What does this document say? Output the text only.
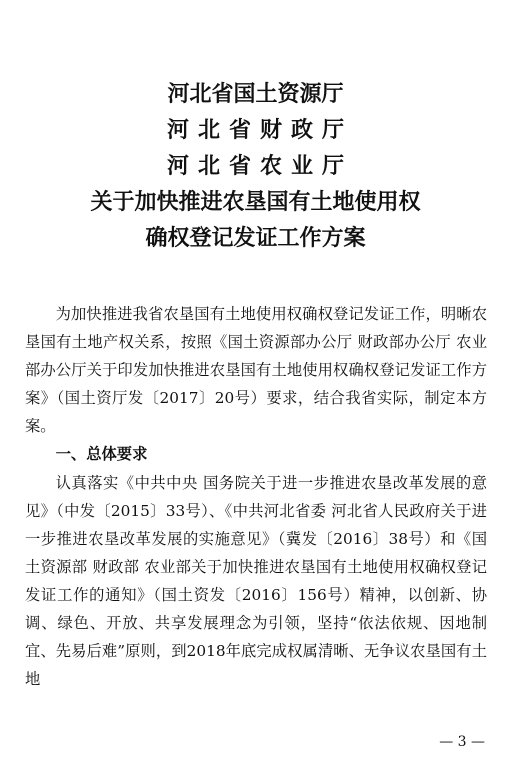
河北省国土资源厅
河北省财政厅
河北省农业厅
关于加快推进农垦国有土地使用权
确权登记发证工作方案

为加快推进我省农垦国有土地使用权确权登记发证工作，明晰农垦国有土地产权关系，按照《国土资源部办公厅 财政部办公厅 农业部办公厅关于印发加快推进农垦国有土地使用权确权登记发证工作方案》（国土资厅发〔2017〕20号）要求，结合我省实际，制定本方案。

一、总体要求

认真落实《中共中央 国务院关于进一步推进农垦改革发展的意见》（中发〔2015〕33号）、《中共河北省委 河北省人民政府关于进一步推进农垦改革发展的实施意见》（冀发〔2016〕38号）和《国土资源部 财政部 农业部关于加快推进农垦国有土地使用权确权登记发证工作的通知》（国土资发〔2016〕156号）精神，以创新、协调、绿色、开放、共享发展理念为引领，坚持“依法依规、因地制宜、先易后难”原则，到2018年底完成权属清晰、无争议农垦国有土地

— 3 —
